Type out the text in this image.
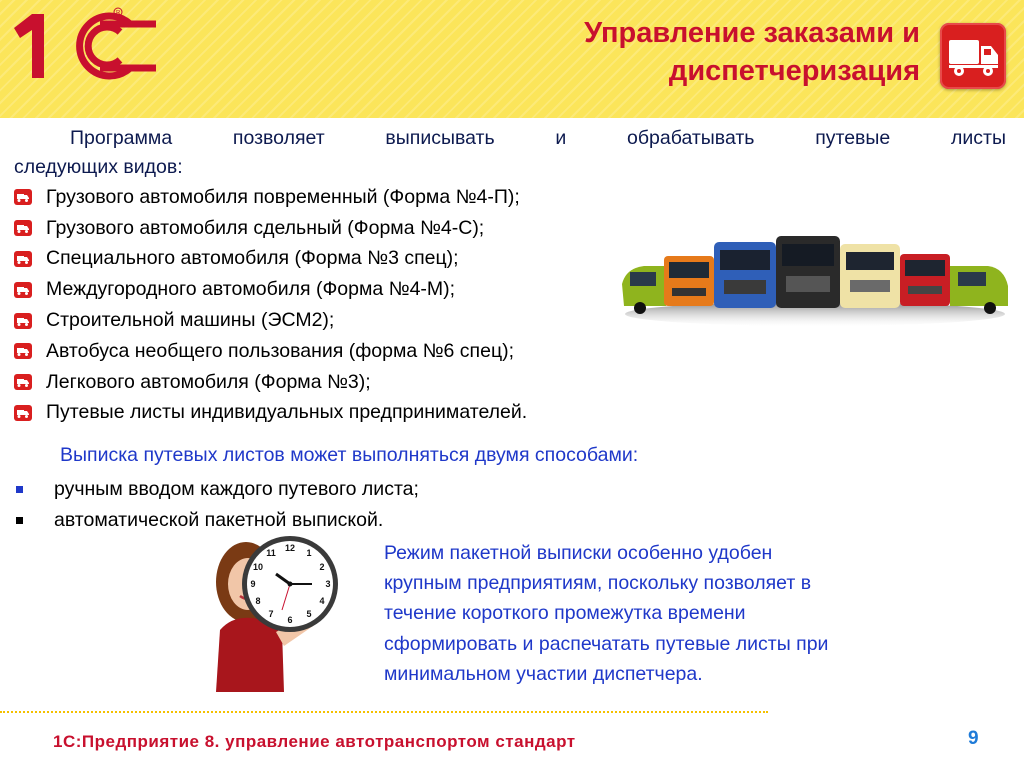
R
Управление заказами и
диспетчеризация
Программа	позволяет	выписывать	и	обрабатывать	путевые	листы
следующих видов:
Грузового автомобиля повременный (Форма №4-П);
Грузового автомобиля сдельный (Форма №4-С);
Специального автомобиля (Форма №3 спец);
Междугородного автомобиля (Форма №4-М);
Строительной машины (ЭСМ2);
Автобуса необщего пользования (форма №6 спец);
Легкового автомобиля (Форма №3);
Путевые листы индивидуальных предпринимателей.
Выписка путевых листов может выполняться двумя способами:
ручным вводом каждого путевого листа;
автоматической пакетной выпиской.
12 1
2
3
4
5
6
7
8
9
10
11	Режим пакетной выписки особенно удобен
крупным предприятиям, поскольку позволяет в
течение короткого промежутка времени
сформировать и распечатать путевые листы при
минимальном участии диспетчера.
1С:Предприятие 8. управление автотранспортом стандарт	9
